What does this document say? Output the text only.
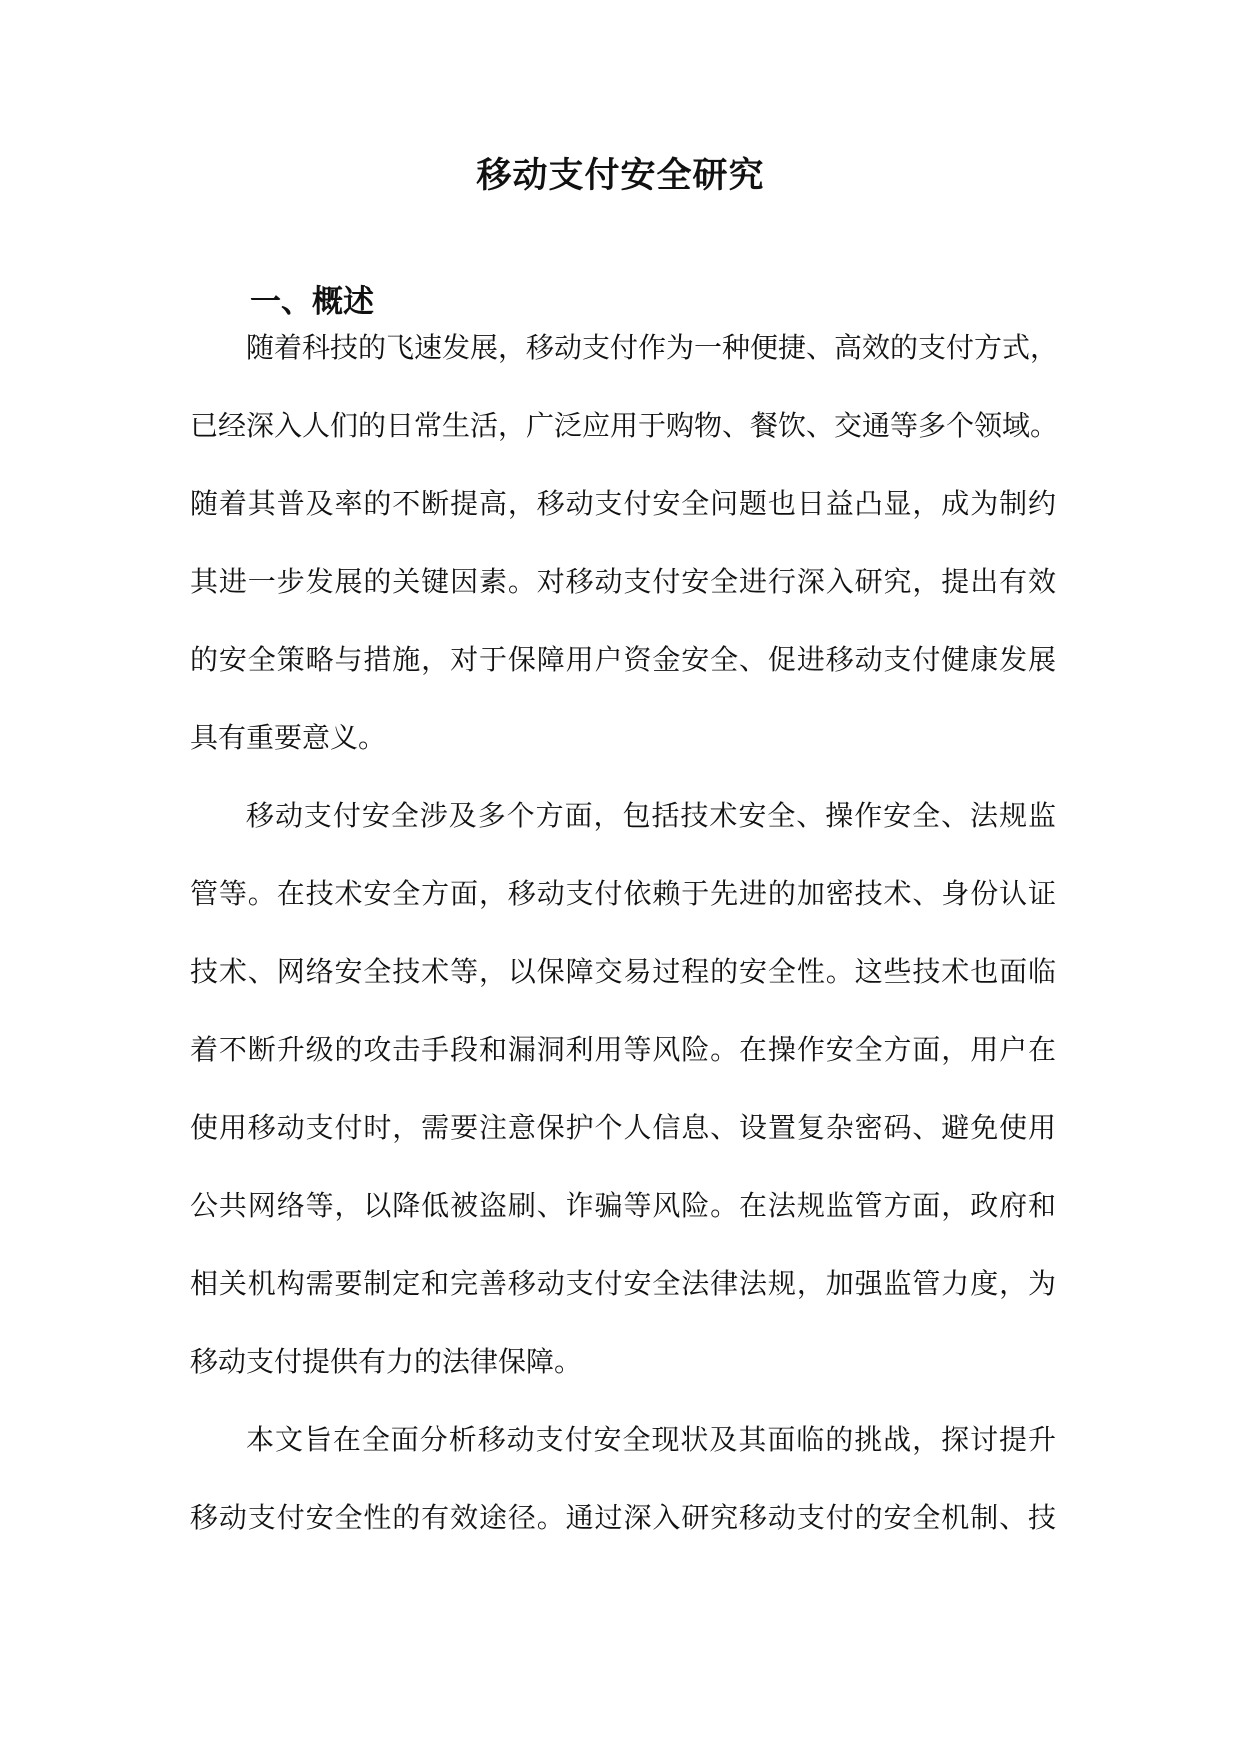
移动支付安全研究
一、概述
随着科技的飞速发展，移动支付作为一种便捷、高效的支付方式，
已经深入人们的日常生活，广泛应用于购物、餐饮、交通等多个领域。
随着其普及率的不断提高，移动支付安全问题也日益凸显，成为制约
其进一步发展的关键因素。对移动支付安全进行深入研究，提出有效
的安全策略与措施，对于保障用户资金安全、促进移动支付健康发展
具有重要意义。
移动支付安全涉及多个方面，包括技术安全、操作安全、法规监
管等。在技术安全方面，移动支付依赖于先进的加密技术、身份认证
技术、网络安全技术等，以保障交易过程的安全性。这些技术也面临
着不断升级的攻击手段和漏洞利用等风险。在操作安全方面，用户在
使用移动支付时，需要注意保护个人信息、设置复杂密码、避免使用
公共网络等，以降低被盗刷、诈骗等风险。在法规监管方面，政府和
相关机构需要制定和完善移动支付安全法律法规，加强监管力度，为
移动支付提供有力的法律保障。
本文旨在全面分析移动支付安全现状及其面临的挑战，探讨提升
移动支付安全性的有效途径。通过深入研究移动支付的安全机制、技
